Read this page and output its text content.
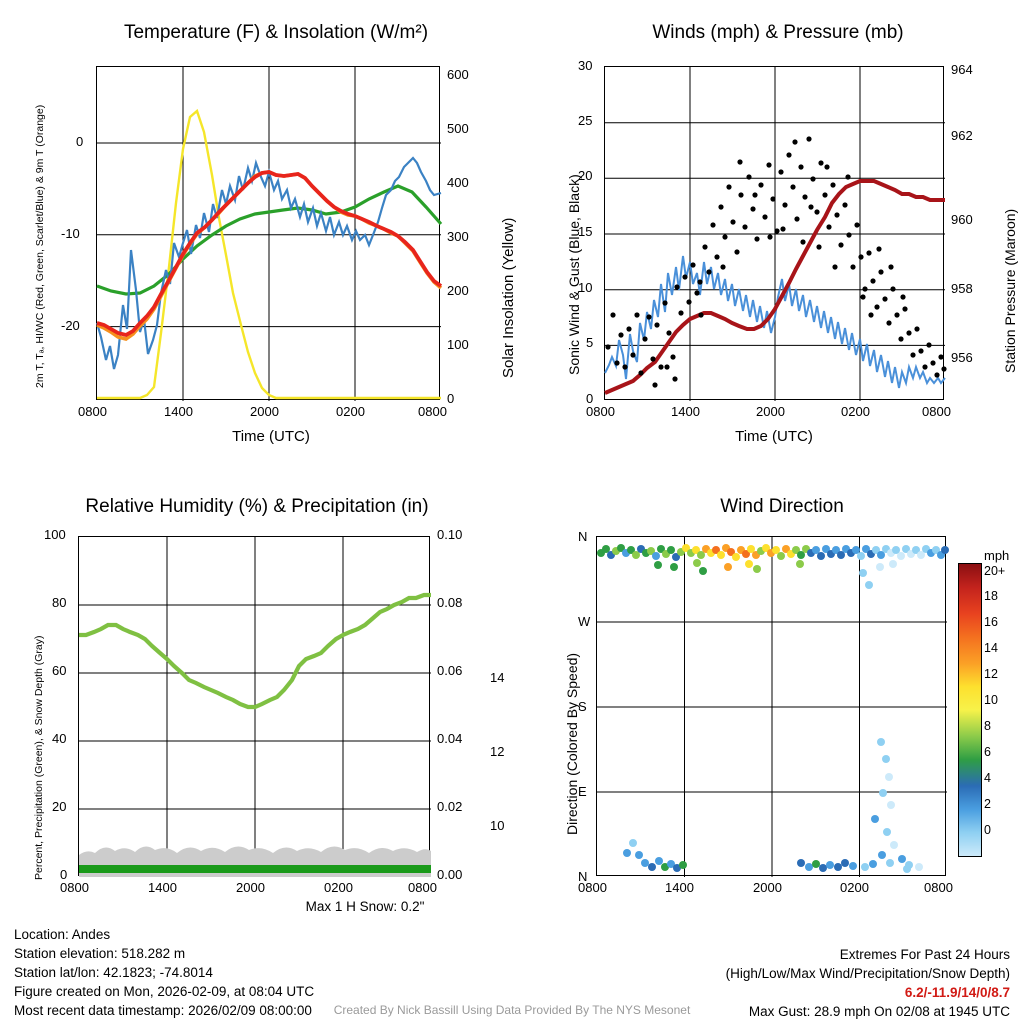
Temperature (F) & Insolation (W/m²)
2m T, Tₐ, HI/WC (Red, Green, Scarlet/Blue) & 9m T (Orange)	Solar Insolation (Yellow)
-20
-10
0
0
100
200
300
400
500
600
0800	1400	2000	0200	0800
Time (UTC)
Winds (mph) & Pressure (mb)
Sonic Wind & Gust (Blue, Black)	Station Pressure (Maroon)
0
5
10
15
20
25
30
956
958
960
962
964
0800	1400	2000	0200	0800
Time (UTC)
Relative Humidity (%) & Precipitation (in)
Percent, Precipitation (Green), & Snow Depth (Gray) 0
20
40
60
80
100
0.00
0.02
0.04
0.06
0.08
0.10
10
12
14
0800	1400	2000	0200	0800
Max 1 H Snow: 0.2"
Wind Direction
Direction (Colored By Speed)
N
W
S
E
N
0800	1400	2000	0200	0800
mph
20+
18
16
14
12
10
8
6
4
2
0
Location: Andes
Station elevation: 518.282 m
Station lat/lon: 42.1823; -74.8014
Figure created on Mon, 2026-02-09, at 08:04 UTC
Most recent data timestamp: 2026/02/09 08:00:00
Extremes For Past 24 Hours
(High/Low/Max Wind/Precipitation/Snow Depth)
6.2/-11.9/14/0/8.7
Max Gust: 28.9 mph On 02/08 at 1945 UTC
Created By Nick Bassill Using Data Provided By The NYS Mesonet
